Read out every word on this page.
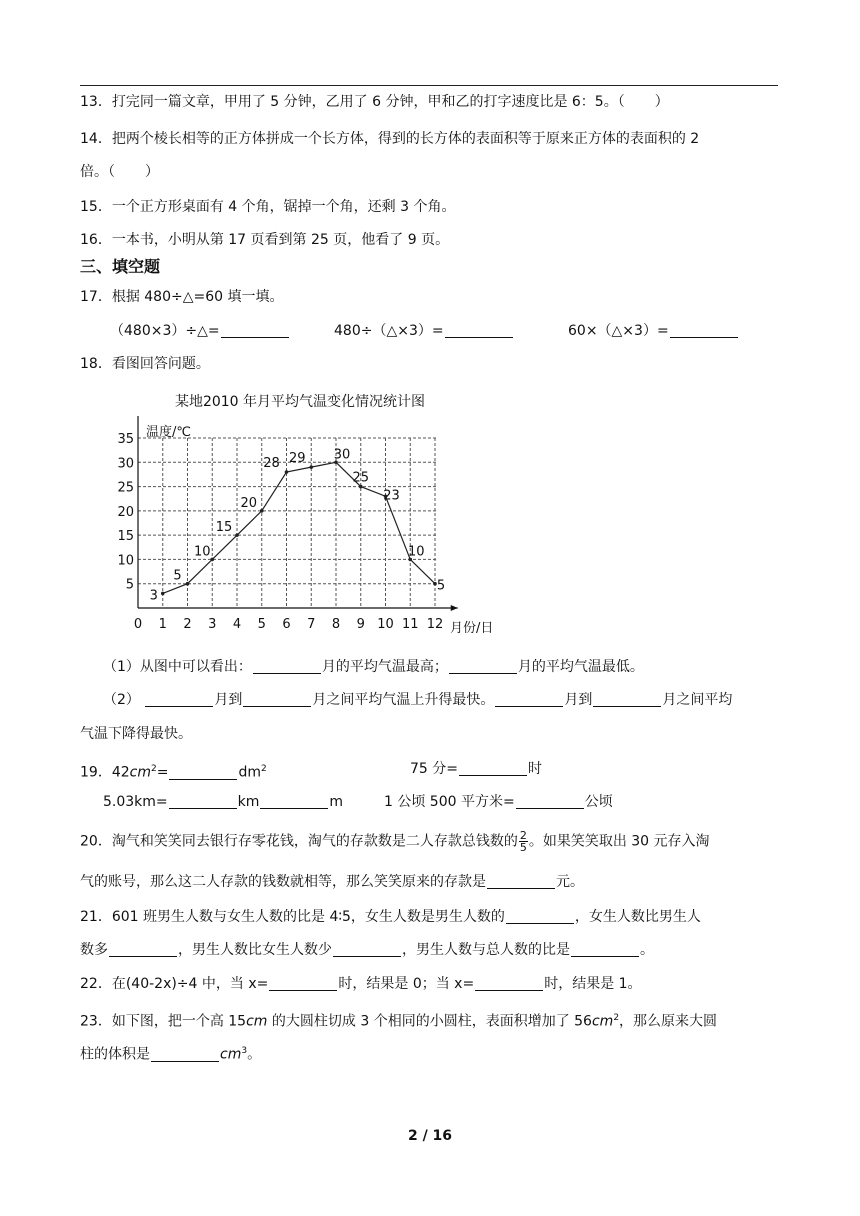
13．打完同一篇文章，甲用了 5 分钟，乙用了 6 分钟，甲和乙的打字速度比是 6：5。（ ）
14．把两个棱长相等的正方体拼成一个长方体，得到的长方体的表面积等于原来正方体的表面积的 2
倍。（ ）
15．一个正方形桌面有 4 个角，锯掉一个角，还剩 3 个角。
16．一本书，小明从第 17 页看到第 25 页，他看了 9 页。
三、填空题
17．根据 480÷△=60 填一填。
（480×3）÷△=	480÷（△×3）=	60×（△×3）=
18．看图回答问题。
某地2010 年月平均气温变化情况统计图
温度/℃
月份/日
0 1 2 3 4 5 6 7 8 9 10 11 12
5
10
15
20
25
30
35
3
5
10
15
20
28 29 30
25
23
10
5
（1）从图中可以看出：	月的平均气温最高；	月的平均气温最低。
（2）	月到	月之间平均气温上升得最快。	月到	月之间平均
气温下降得最快。
19．$42cm^2=$	$dm^2$	75 分=	时
5.03km=	km	m	1 公顷 500 平方米=	公顷
20．淘气和笑笑同去银行存零花钱，淘气的存款数是二人存款总钱数的 $\frac{2}{5}$ 。如果笑笑取出 30 元存入淘
气的账号，那么这二人存款的钱数就相等，那么笑笑原来的存款是	元。
21．601 班男生人数与女生人数的比是 4∶5，女生人数是男生人数的	，女生人数比男生人
数多	，男生人数比女生人数少	，男生人数与总人数的比是	。
22．在(40-2x)÷4 中，当 x=	时，结果是 0；当 x=	时，结果是 1。
23．如下图，把一个高 15cm 的大圆柱切成 3 个相同的小圆柱，表面积增加了 $56cm^2$，那么原来大圆
柱的体积是	$cm^3$。
2 / 16
